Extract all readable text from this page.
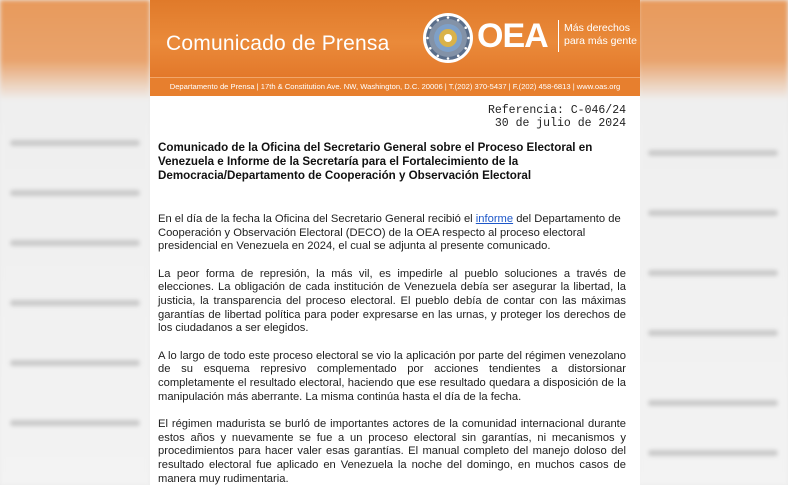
Comunicado de Prensa	OEA Más derechos
para más gente
Departamento de Prensa | 17th & Constitution Ave. NW, Washington, D.C. 20006 | T.(202) 370-5437 | F.(202) 458-6813 | www.oas.org
Referencia: C-046/24
30 de julio de 2024
Comunicado de la Oficina del Secretario General sobre el Proceso Electoral en Venezuela e Informe de la Secretaría para el Fortalecimiento de la Democracia/Departamento de Cooperación y Observación Electoral

En el día de la fecha la Oficina del Secretario General recibió el informe del Departamento de Cooperación y Observación Electoral (DECO) de la OEA respecto al proceso electoral presidencial en Venezuela en 2024, el cual se adjunta al presente comunicado.

La peor forma de represión, la más vil, es impedirle al pueblo soluciones a través de elecciones. La obligación de cada institución de Venezuela debía ser asegurar la libertad, la justicia, la transparencia del proceso electoral. El pueblo debía de contar con las máximas garantías de libertad política para poder expresarse en las urnas, y proteger los derechos de los ciudadanos a ser elegidos.

A lo largo de todo este proceso electoral se vio la aplicación por parte del régimen venezolano de su esquema represivo complementado por acciones tendientes a distorsionar completamente el resultado electoral, haciendo que ese resultado quedara a disposición de la manipulación más aberrante. La misma continúa hasta el día de la fecha.

El régimen madurista se burló de importantes actores de la comunidad internacional durante estos años y nuevamente se fue a un proceso electoral sin garantías, ni mecanismos y procedimientos para hacer valer esas garantías. El manual completo del manejo doloso del resultado electoral fue aplicado en Venezuela la noche del domingo, en muchos casos de manera muy rudimentaria.
